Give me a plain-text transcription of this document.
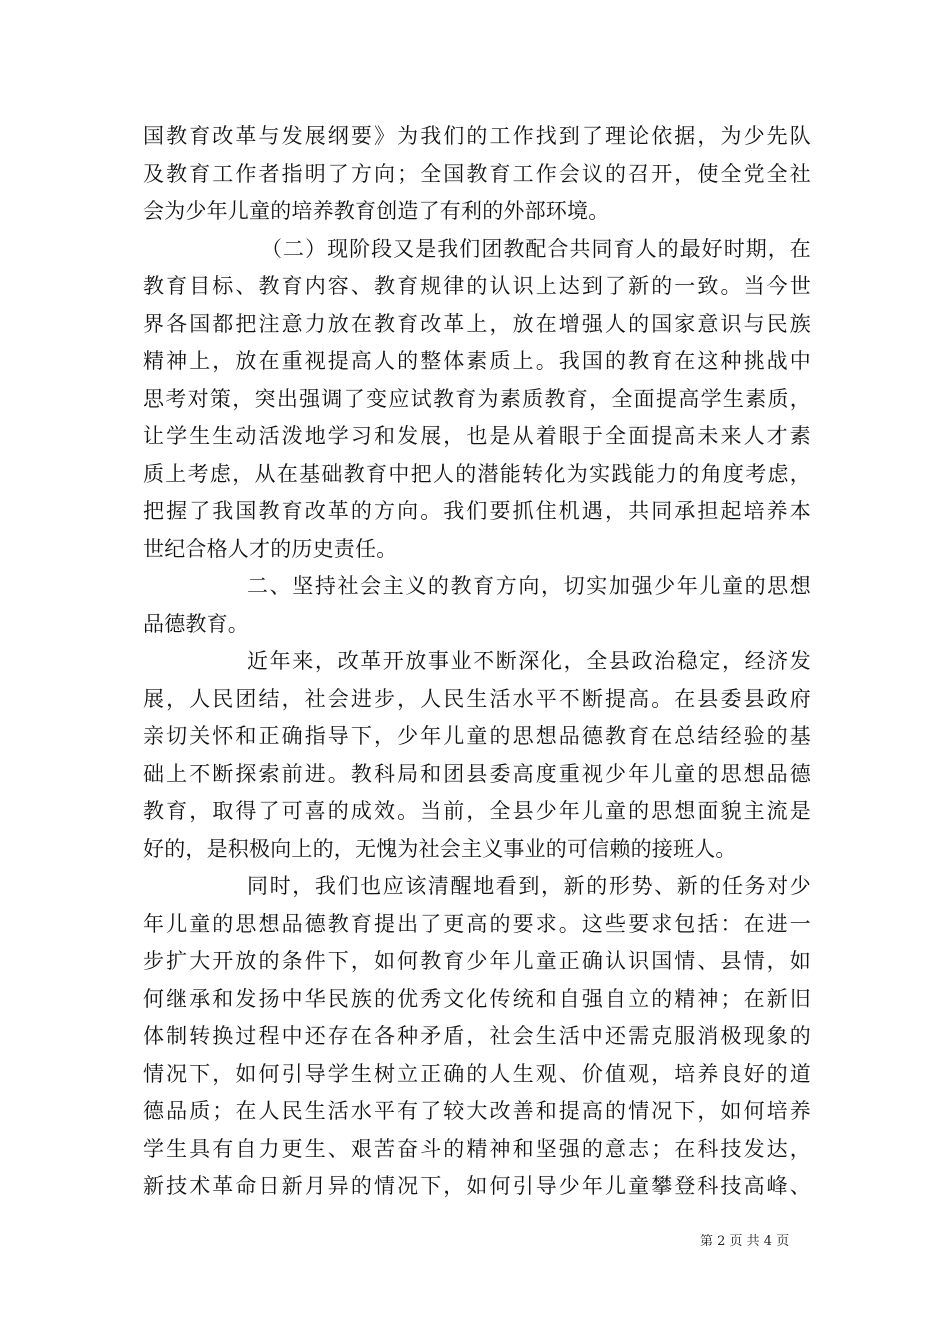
国教育改革与发展纲要》为我们的工作找到了理论依据，为少先队
及教育工作者指明了方向；全国教育工作会议的召开，使全党全社
会为少年儿童的培养教育创造了有利的外部环境。
（二）现阶段又是我们团教配合共同育人的最好时期，在
教育目标、教育内容、教育规律的认识上达到了新的一致。当今世
界各国都把注意力放在教育改革上，放在增强人的国家意识与民族
精神上，放在重视提高人的整体素质上。我国的教育在这种挑战中
思考对策，突出强调了变应试教育为素质教育，全面提高学生素质，
让学生生动活泼地学习和发展，也是从着眼于全面提高未来人才素
质上考虑，从在基础教育中把人的潜能转化为实践能力的角度考虑，
把握了我国教育改革的方向。我们要抓住机遇，共同承担起培养本
世纪合格人才的历史责任。
二、坚持社会主义的教育方向，切实加强少年儿童的思想
品德教育。
近年来，改革开放事业不断深化，全县政治稳定，经济发
展，人民团结，社会进步，人民生活水平不断提高。在县委县政府
亲切关怀和正确指导下，少年儿童的思想品德教育在总结经验的基
础上不断探索前进。教科局和团县委高度重视少年儿童的思想品德
教育，取得了可喜的成效。当前，全县少年儿童的思想面貌主流是
好的，是积极向上的，无愧为社会主义事业的可信赖的接班人。
同时，我们也应该清醒地看到，新的形势、新的任务对少
年儿童的思想品德教育提出了更高的要求。这些要求包括：在进一
步扩大开放的条件下，如何教育少年儿童正确认识国情、县情，如
何继承和发扬中华民族的优秀文化传统和自强自立的精神；在新旧
体制转换过程中还存在各种矛盾，社会生活中还需克服消极现象的
情况下，如何引导学生树立正确的人生观、价值观，培养良好的道
德品质；在人民生活水平有了较大改善和提高的情况下，如何培养
学生具有自力更生、艰苦奋斗的精神和坚强的意志；在科技发达，
新技术革命日新月异的情况下，如何引导少年儿童攀登科技高峰、
第 2 页 共 4 页
